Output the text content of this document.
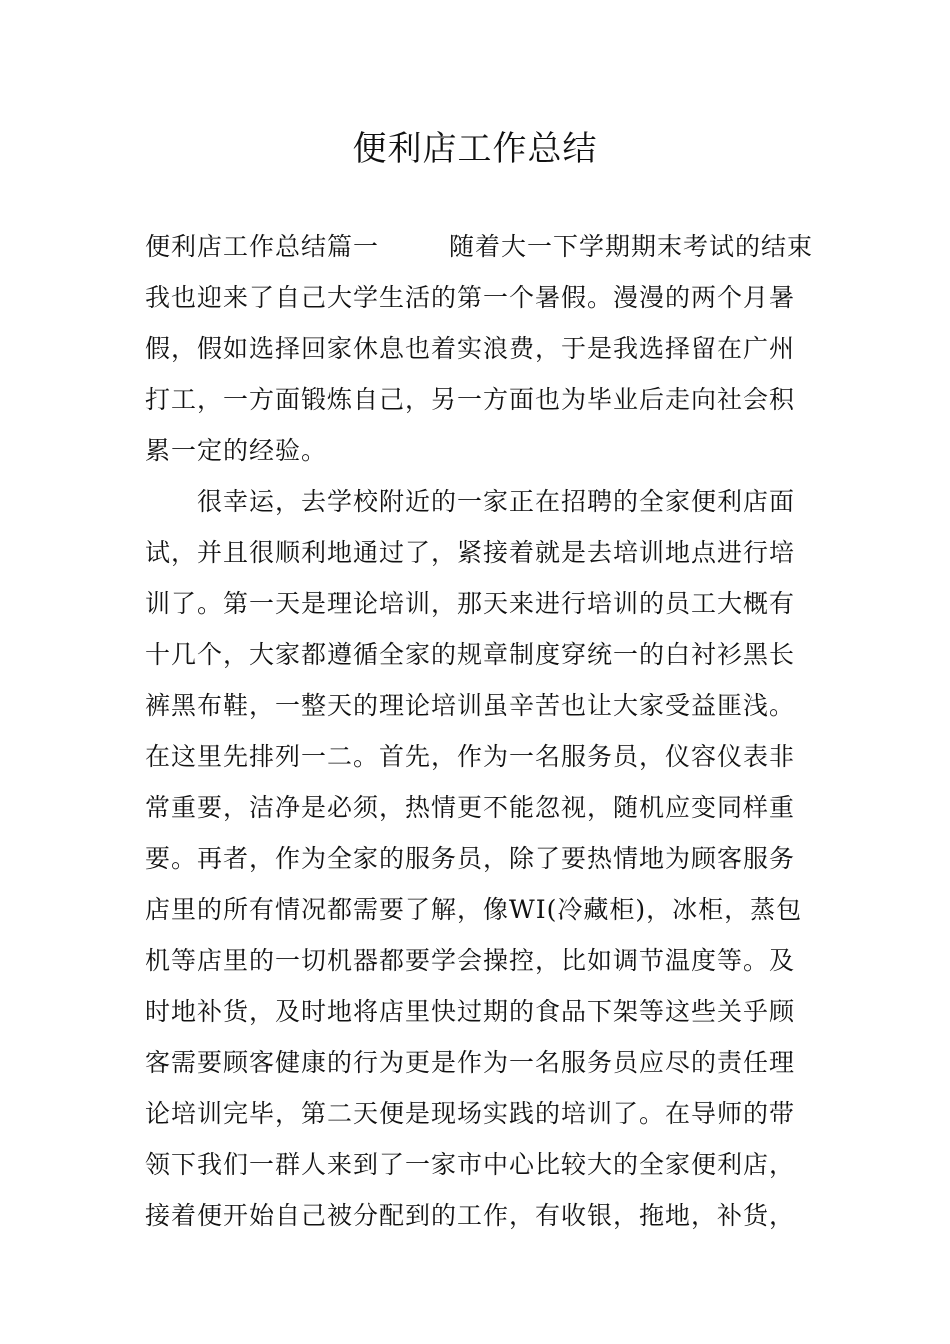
便利店工作总结
便利店工作总结篇一	随着大一下学期期末考试的结束
我也迎来了自己大学生活的第一个暑假。漫漫的两个月暑
假，假如选择回家休息也着实浪费，于是我选择留在广州
打工，一方面锻炼自己，另一方面也为毕业后走向社会积
累一定的经验。
很幸运，去学校附近的一家正在招聘的全家便利店面
试，并且很顺利地通过了，紧接着就是去培训地点进行培
训了。第一天是理论培训，那天来进行培训的员工大概有
十几个，大家都遵循全家的规章制度穿统一的白衬衫黑长
裤黑布鞋，一整天的理论培训虽辛苦也让大家受益匪浅。
在这里先排列一二。首先，作为一名服务员，仪容仪表非
常重要，洁净是必须，热情更不能忽视，随机应变同样重
要。再者，作为全家的服务员，除了要热情地为顾客服务
店里的所有情况都需要了解，像WI(冷藏柜)，冰柜，蒸包
机等店里的一切机器都要学会操控，比如调节温度等。及
时地补货，及时地将店里快过期的食品下架等这些关乎顾
客需要顾客健康的行为更是作为一名服务员应尽的责任理
论培训完毕，第二天便是现场实践的培训了。在导师的带
领下我们一群人来到了一家市中心比较大的全家便利店，
接着便开始自己被分配到的工作，有收银，拖地，补货，
